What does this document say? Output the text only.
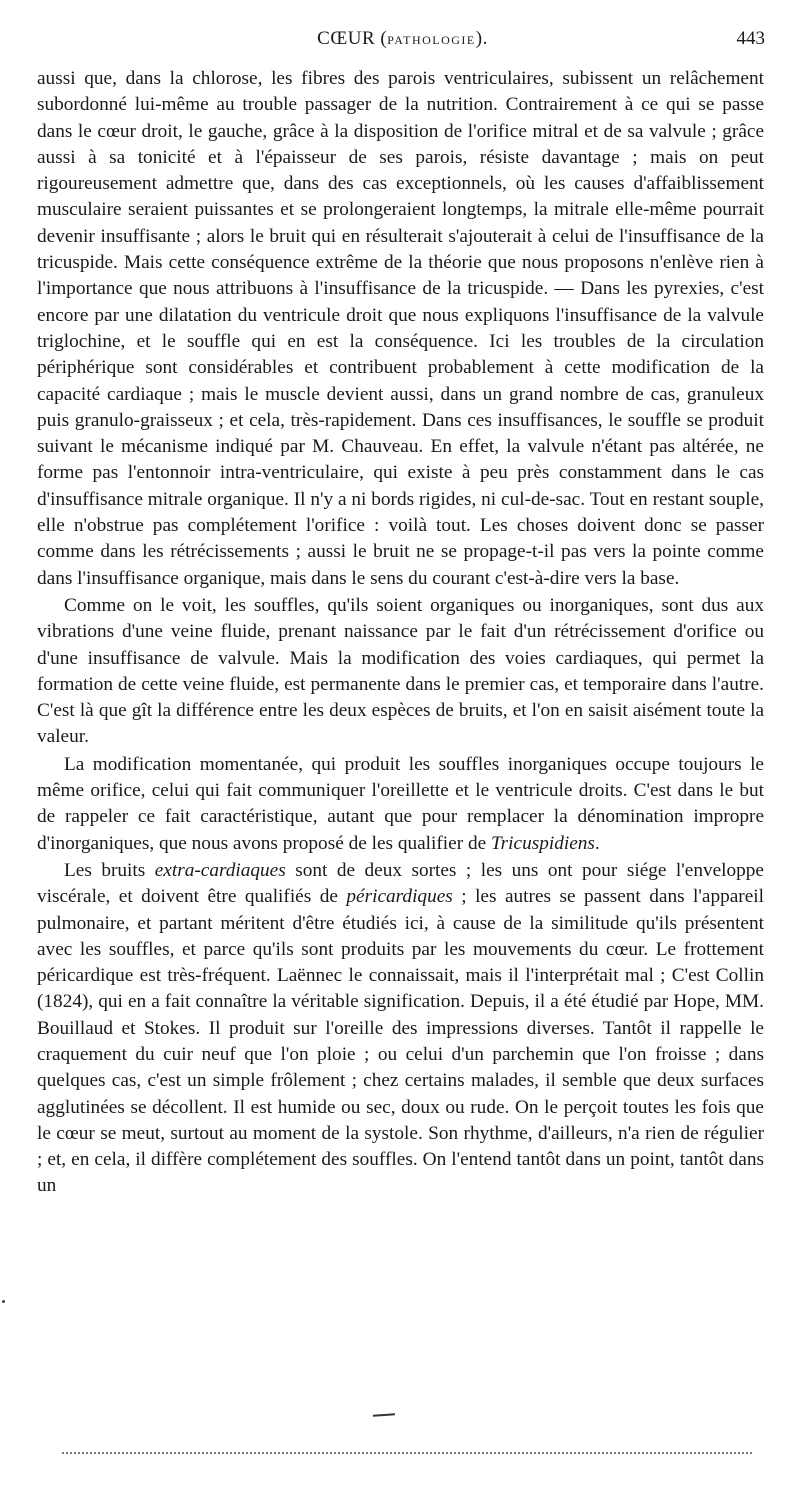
CŒUR (PATHOLOGIE).	443

aussi que, dans la chlorose, les fibres des parois ventriculaires, subissent un relâchement subordonné lui-même au trouble passager de la nutrition. Contrairement à ce qui se passe dans le cœur droit, le gauche, grâce à la disposition de l'orifice mitral et de sa valvule ; grâce aussi à sa tonicité et à l'épaisseur de ses parois, résiste davantage ; mais on peut rigoureusement admettre que, dans des cas exceptionnels, où les causes d'affaiblissement musculaire seraient puissantes et se prolongeraient longtemps, la mitrale elle-même pourrait devenir insuffisante ; alors le bruit qui en résulterait s'ajouterait à celui de l'insuffisance de la tricuspide. Mais cette conséquence extrême de la théorie que nous proposons n'enlève rien à l'importance que nous attribuons à l'insuffisance de la tricuspide. — Dans les pyrexies, c'est encore par une dilatation du ventricule droit que nous expliquons l'insuffisance de la valvule triglochine, et le souffle qui en est la conséquence. Ici les troubles de la circulation périphérique sont considérables et contribuent probablement à cette modification de la capacité cardiaque ; mais le muscle devient aussi, dans un grand nombre de cas, granuleux puis granulo-graisseux ; et cela, très-rapidement. Dans ces insuffisances, le souffle se produit suivant le mécanisme indiqué par M. Chauveau. En effet, la valvule n'étant pas altérée, ne forme pas l'entonnoir intra-ventriculaire, qui existe à peu près constamment dans le cas d'insuffisance mitrale organique. Il n'y a ni bords rigides, ni cul-de-sac. Tout en restant souple, elle n'obstrue pas complétement l'orifice : voilà tout. Les choses doivent donc se passer comme dans les rétrécissements ; aussi le bruit ne se propage-t-il pas vers la pointe comme dans l'insuffisance organique, mais dans le sens du courant c'est-à-dire vers la base.

Comme on le voit, les souffles, qu'ils soient organiques ou inorganiques, sont dus aux vibrations d'une veine fluide, prenant naissance par le fait d'un rétrécissement d'orifice ou d'une insuffisance de valvule. Mais la modification des voies cardiaques, qui permet la formation de cette veine fluide, est permanente dans le premier cas, et temporaire dans l'autre. C'est là que gît la différence entre les deux espèces de bruits, et l'on en saisit aisément toute la valeur.

La modification momentanée, qui produit les souffles inorganiques occupe toujours le même orifice, celui qui fait communiquer l'oreillette et le ventricule droits. C'est dans le but de rappeler ce fait caractéristique, autant que pour remplacer la dénomination impropre d'inorganiques, que nous avons proposé de les qualifier de Tricuspidiens.

Les bruits extra-cardiaques sont de deux sortes ; les uns ont pour siége l'enveloppe viscérale, et doivent être qualifiés de péricardiques ; les autres se passent dans l'appareil pulmonaire, et partant méritent d'être étudiés ici, à cause de la similitude qu'ils présentent avec les souffles, et parce qu'ils sont produits par les mouvements du cœur. Le frottement péricardique est très-fréquent. Laënnec le connaissait, mais il l'interprétait mal ; C'est Collin (1824), qui en a fait connaître la véritable signification. Depuis, il a été étudié par Hope, MM. Bouillaud et Stokes. Il produit sur l'oreille des impressions diverses. Tantôt il rappelle le craquement du cuir neuf que l'on ploie ; ou celui d'un parchemin que l'on froisse ; dans quelques cas, c'est un simple frôlement ; chez certains malades, il semble que deux surfaces agglutinées se décollent. Il est humide ou sec, doux ou rude. On le perçoit toutes les fois que le cœur se meut, surtout au moment de la systole. Son rhythme, d'ailleurs, n'a rien de régulier ; et, en cela, il diffère complétement des souffles. On l'entend tantôt dans un point, tantôt dans un
